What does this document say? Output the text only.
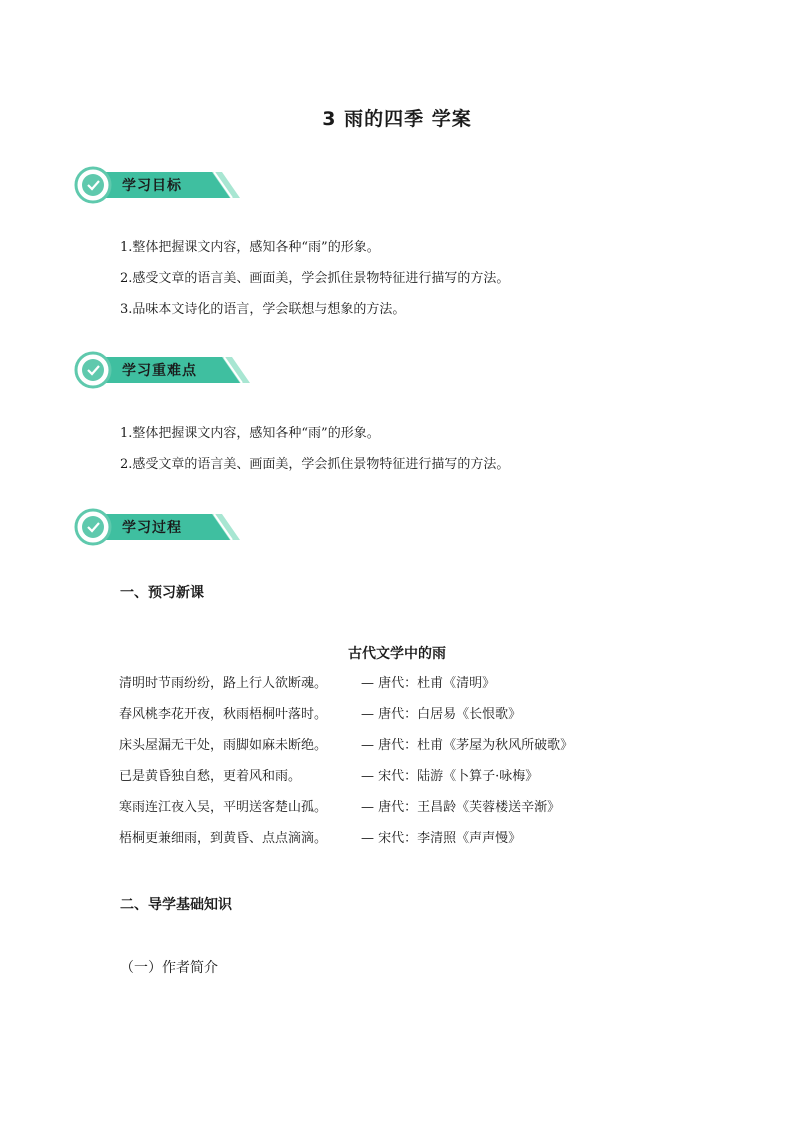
3 雨的四季 学案
学习目标
1.整体把握课文内容，感知各种“雨”的形象。
2.感受文章的语言美、画面美，学会抓住景物特征进行描写的方法。
3.品味本文诗化的语言，学会联想与想象的方法。
学习重难点
1.整体把握课文内容，感知各种“雨”的形象。
2.感受文章的语言美、画面美，学会抓住景物特征进行描写的方法。
学习过程
一、预习新课
古代文学中的雨
清明时节雨纷纷，路上行人欲断魂。	— 唐代：杜甫《清明》
春风桃李花开夜，秋雨梧桐叶落时。	— 唐代：白居易《长恨歌》
床头屋漏无干处，雨脚如麻未断绝。	— 唐代：杜甫《茅屋为秋风所破歌》
已是黄昏独自愁，更着风和雨。	— 宋代：陆游《卜算子·咏梅》
寒雨连江夜入吴，平明送客楚山孤。	— 唐代：王昌龄《芙蓉楼送辛渐》
梧桐更兼细雨，到黄昏、点点滴滴。	— 宋代：李清照《声声慢》
二、导学基础知识
（一）作者简介
